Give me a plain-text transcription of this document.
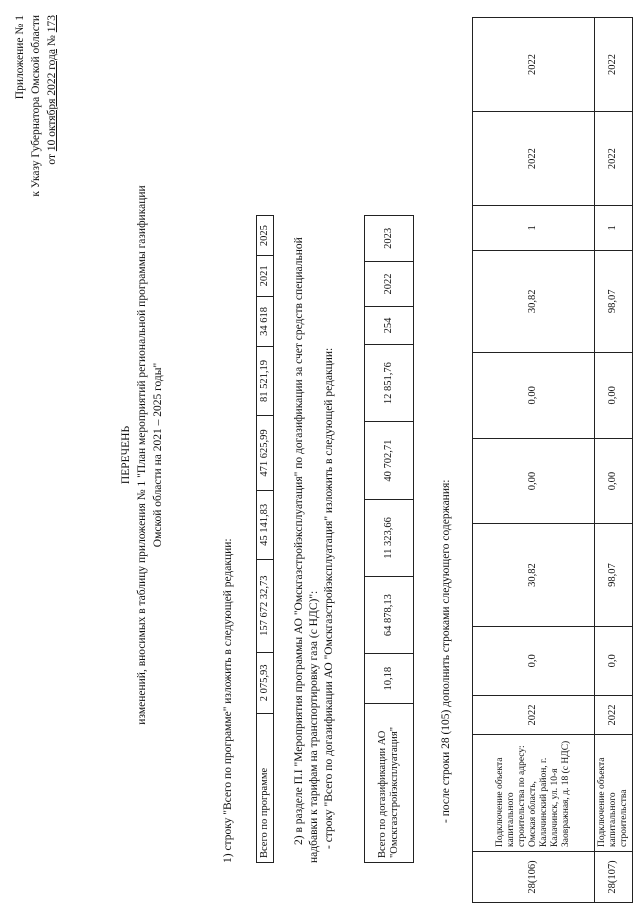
Приложение № 1 к Указу Губернатора Омской области от 10 октября 2022 года № 173
ПЕРЕЧЕНЬ изменений, вносимых в таблицу приложения № 1 "План мероприятий региональной программы газификации Омской области на 2021 – 2025 годы"
1) строку "Всего по программе" изложить в следующей редакции: Всего по программе	2 075,93	157 672 32,73	45 141,83	471 625,99	81 521,19	34 618	2021	2025
2) в разделе П.I "Мероприятия программы АО "Омскгазстройэксплуатация" по догазификации за счет средств специальной надбавки к тарифам на транспортировку газа (с НДС)": - строку "Всего по догазификации АО "Омскгазстройэксплуатация" изложить в следующей редакции:	Всего по догазификации АО "Омскгазстройэксплуатация"	10,18	64 878,13	11 323,66	40 702,71	12 851,76	254	2022	2023
- после строки 28 (105) дополнить строками следующего содержания:
28(106)	Подключение объекта капитального строительства по адресу: Омская область, Калачинский район, г. Калачинск, ул. 10-я Заовражная, д. 18 (с НДС)	2022	0,0	30,82	0,00	0,00	30,82	1	2022	2022
28(107)	Подключение объекта капитального строительства	2022	0,0	98,07	0,00	0,00	98,07	1	2022	2022
